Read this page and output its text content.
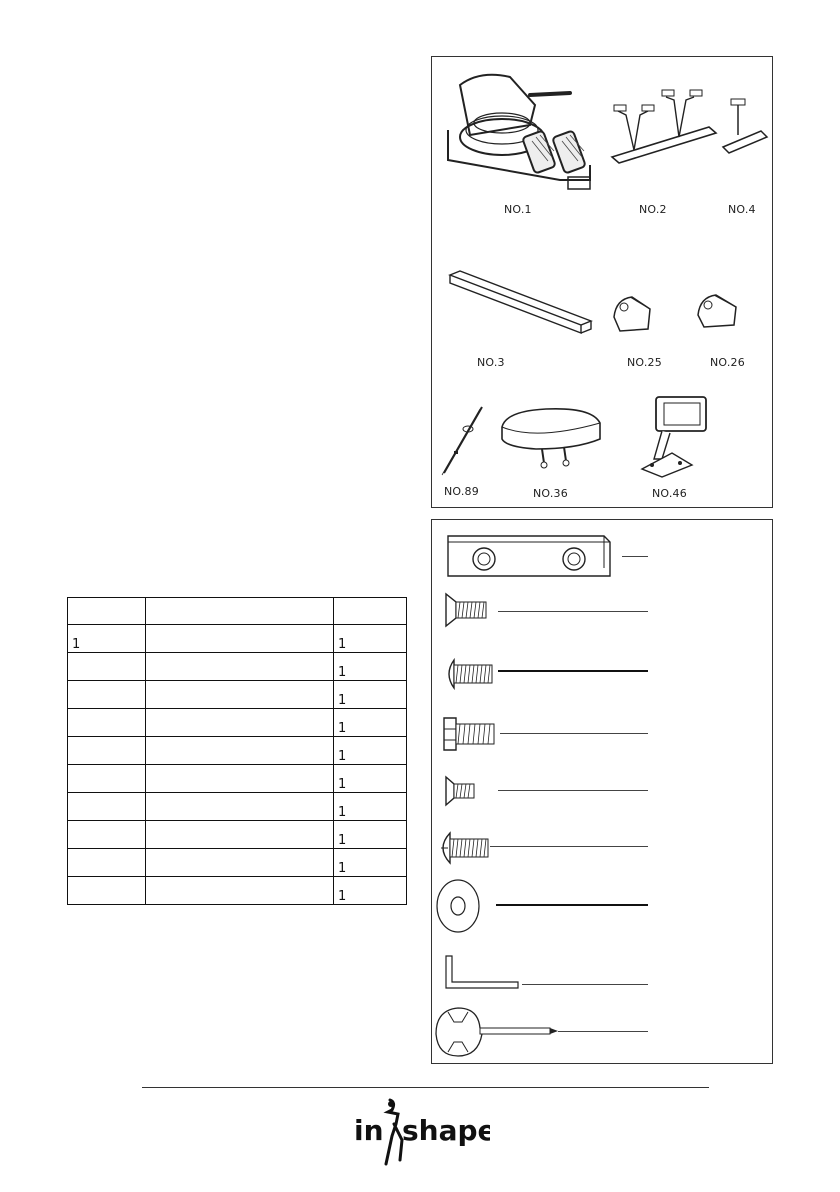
NO.1	NO.2	NO.4
NO.3	NO.25	NO.26
NO.89	NO.36	NO.46

1		1
		1
		1
		1
		1
		1
		1
		1
		1
		1
in shape
